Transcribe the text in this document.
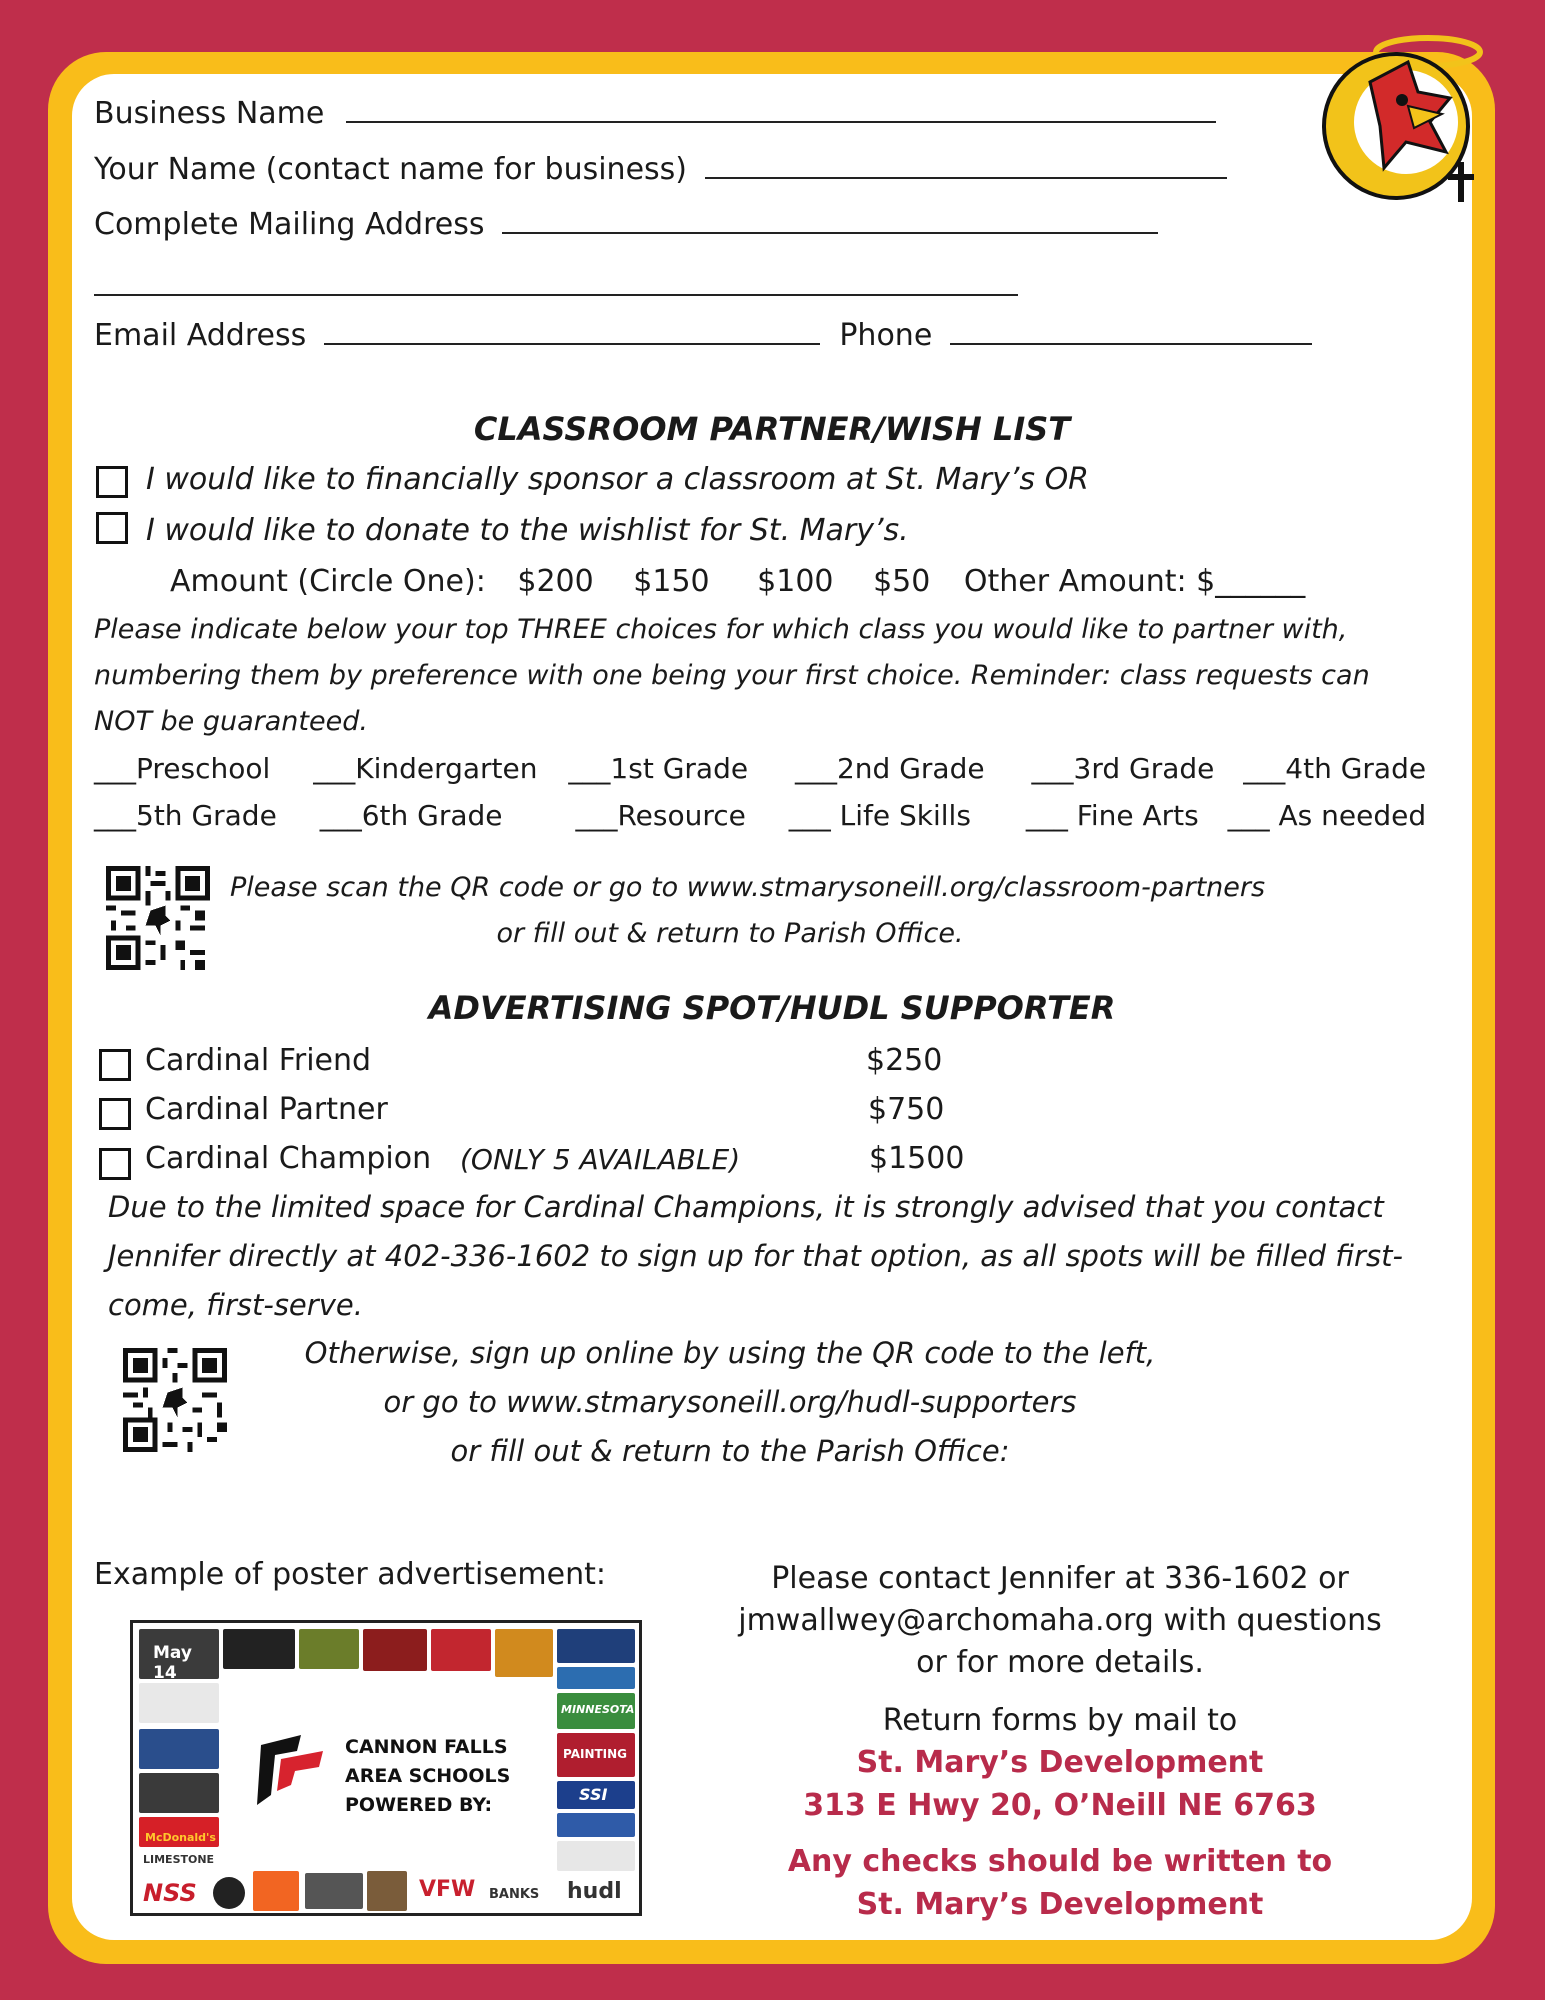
Business Name
Your Name (contact name for business)
Complete Mailing Address
Email Address	Phone
CLASSROOM PARTNER/WISH LIST
I would like to financially sponsor a classroom at St. Mary’s OR
I would like to donate to the wishlist for St. Mary’s.
Amount (Circle One): $200 $150 $100 $50 Other Amount: $______
Please indicate below your top THREE choices for which class you would like to partner with,
numbering them by preference with one being your first choice. Reminder: class requests can
NOT be guaranteed.
___Preschool ___Kindergarten ___1st Grade ___2nd Grade ___3rd Grade ___4th Grade
___5th Grade ___6th Grade	___Resource ___ Life Skills ___ Fine Arts ___ As needed
Please scan the QR code or go to www.stmarysoneill.org/classroom-partners
or fill out & return to Parish Office.
ADVERTISING SPOT/HUDL SUPPORTER
Cardinal Friend	$250
Cardinal Partner	$750
Cardinal Champion (ONLY 5 AVAILABLE)	$1500
Due to the limited space for Cardinal Champions, it is strongly advised that you contact
Jennifer directly at 402-336-1602 to sign up for that option, as all spots will be filled first-
come, first-serve.
Otherwise, sign up online by using the QR code to the left,
or go to www.stmarysoneill.org/hudl-supporters
or fill out & return to the Parish Office:
Example of poster advertisement:
May 14
McDonald's
LIMESTONE
NSS	VFW BANKS hudl
MINNESOTA
PAINTING
SSI
CANNON FALLS
AREA SCHOOLS
POWERED BY:
Please contact Jennifer at 336-1602 or
jmwallwey@archomaha.org with questions
or for more details.
Return forms by mail to
St. Mary’s Development
313 E Hwy 20, O’Neill NE 6763
Any checks should be written to
St. Mary’s Development
